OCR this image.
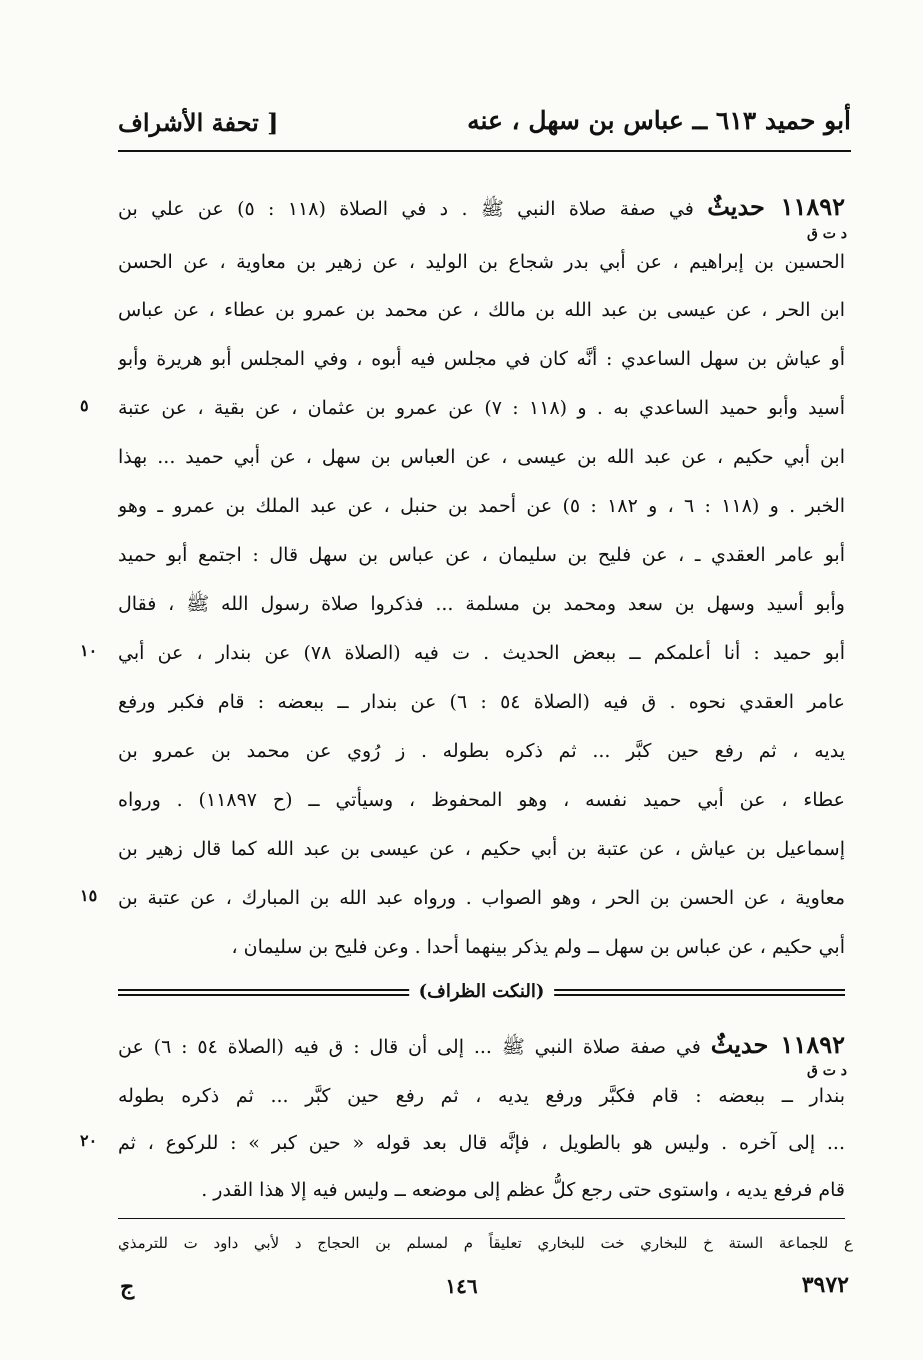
أبو حميد ٦١٣ ــ عباس بن سهل ، عنه
[ تحفة الأشراف
١١٨٩٢ حديثٌ في صفة صلاة النبي ﷺ . د في الصلاة (١١٨ : ٥) عن علي بن
د ت ق
الحسين بن إبراهيم ، عن أبي بدر شجاع بن الوليد ، عن زهير بن معاوية ، عن الحسن
ابن الحر ، عن عيسى بن عبد الله بن مالك ، عن محمد بن عمرو بن عطاء ، عن عباس
أو عياش بن سهل الساعدي : أنَّه كان في مجلس فيه أبوه ، وفي المجلس أبو هريرة وأبو
أسيد وأبو حميد الساعدي به . و (١١٨ : ٧) عن عمرو بن عثمان ، عن بقية ، عن عتبة
٥
ابن أبي حكيم ، عن عبد الله بن عيسى ، عن العباس بن سهل ، عن أبي حميد ... بهذا
الخبر . و (١١٨ : ٦ ، و ١٨٢ : ٥) عن أحمد بن حنبل ، عن عبد الملك بن عمرو ـ وهو
أبو عامر العقدي ـ ، عن فليح بن سليمان ، عن عباس بن سهل قال : اجتمع أبو حميد
وأبو أسيد وسهل بن سعد ومحمد بن مسلمة ... فذكروا صلاة رسول الله ﷺ ، فقال
أبو حميد : أنا أعلمكم ــ ببعض الحديث . ت فيه (الصلاة ٧٨) عن بندار ، عن أبي
١٠
عامر العقدي نحوه . ق فيه (الصلاة ٥٤ : ٦) عن بندار ــ ببعضه : قام فكبر ورفع
يديه ، ثم رفع حين كبَّر ... ثم ذكره بطوله . ز رُوي عن محمد بن عمرو بن
عطاء ، عن أبي حميد نفسه ، وهو المحفوظ ، وسيأتي ــ (ح ١١٨٩٧) . ورواه
إسماعيل بن عياش ، عن عتبة بن أبي حكيم ، عن عيسى بن عبد الله كما قال زهير بن
معاوية ، عن الحسن بن الحر ، وهو الصواب . ورواه عبد الله بن المبارك ، عن عتبة بن
١٥
أبي حكيم ، عن عباس بن سهل ــ ولم يذكر بينهما أحدا . وعن فليح بن سليمان ،
(النكت الظراف)
١١٨٩٢ حديثٌ في صفة صلاة النبي ﷺ ... إلى أن قال : ق فيه (الصلاة ٥٤ : ٦) عن
د ت ق
بندار ــ ببعضه : قام فكبَّر ورفع يديه ، ثم رفع حين كبَّر ... ثم ذكره بطوله
... إلى آخره . وليس هو بالطويل ، فإنَّه قال بعد قوله « حين كبر » : للركوع ، ثم
٢٠
قام فرفع يديه ، واستوى حتى رجع كلُّ عظم إلى موضعه ــ وليس فيه إلا هذا القدر .
ع للجماعة الستة خ للبخاري خت للبخاري تعليقاً م لمسلم بن الحجاج د لأبي داود ت للترمذي
٣٩٧٢
١٤٦
ج
